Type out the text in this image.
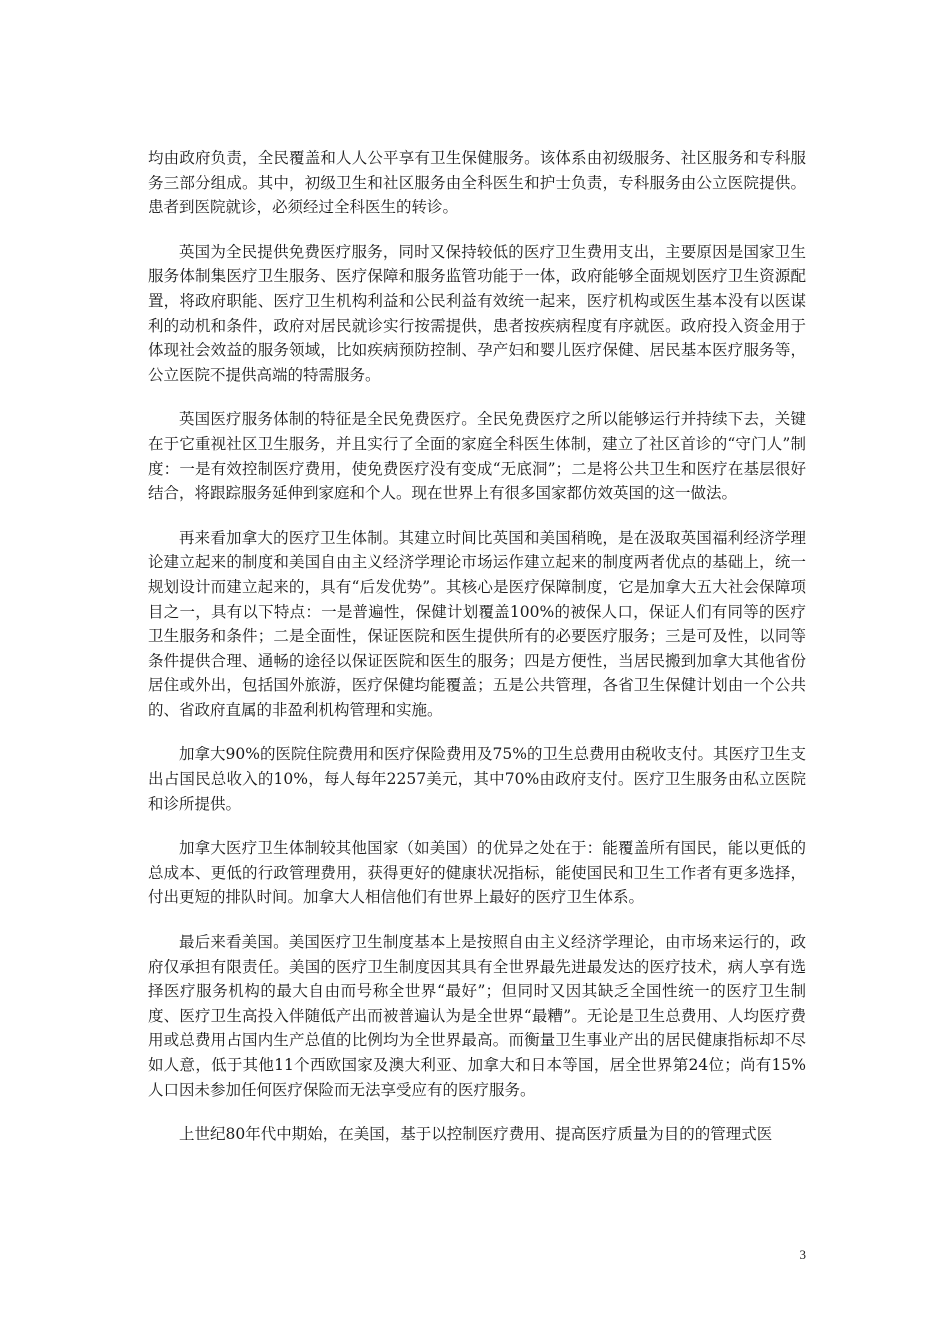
均由政府负责，全民覆盖和人人公平享有卫生保健服务。该体系由初级服务、社区服务和专科服务三部分组成。其中，初级卫生和社区服务由全科医生和护士负责，专科服务由公立医院提供。患者到医院就诊，必须经过全科医生的转诊。

英国为全民提供免费医疗服务，同时又保持较低的医疗卫生费用支出，主要原因是国家卫生服务体制集医疗卫生服务、医疗保障和服务监管功能于一体，政府能够全面规划医疗卫生资源配置，将政府职能、医疗卫生机构利益和公民利益有效统一起来，医疗机构或医生基本没有以医谋利的动机和条件，政府对居民就诊实行按需提供，患者按疾病程度有序就医。政府投入资金用于体现社会效益的服务领域，比如疾病预防控制、孕产妇和婴儿医疗保健、居民基本医疗服务等，公立医院不提供高端的特需服务。

英国医疗服务体制的特征是全民免费医疗。全民免费医疗之所以能够运行并持续下去，关键在于它重视社区卫生服务，并且实行了全面的家庭全科医生体制，建立了社区首诊的“守门人”制度：一是有效控制医疗费用，使免费医疗没有变成“无底洞”；二是将公共卫生和医疗在基层很好结合，将跟踪服务延伸到家庭和个人。现在世界上有很多国家都仿效英国的这一做法。

再来看加拿大的医疗卫生体制。其建立时间比英国和美国稍晚，是在汲取英国福利经济学理论建立起来的制度和美国自由主义经济学理论市场运作建立起来的制度两者优点的基础上，统一规划设计而建立起来的，具有“后发优势”。其核心是医疗保障制度，它是加拿大五大社会保障项目之一，具有以下特点：一是普遍性，保健计划覆盖100%的被保人口，保证人们有同等的医疗卫生服务和条件；二是全面性，保证医院和医生提供所有的必要医疗服务；三是可及性，以同等条件提供合理、通畅的途径以保证医院和医生的服务；四是方便性，当居民搬到加拿大其他省份居住或外出，包括国外旅游，医疗保健均能覆盖；五是公共管理，各省卫生保健计划由一个公共的、省政府直属的非盈利机构管理和实施。

加拿大90%的医院住院费用和医疗保险费用及75%的卫生总费用由税收支付。其医疗卫生支出占国民总收入的10%，每人每年2257美元，其中70%由政府支付。医疗卫生服务由私立医院和诊所提供。

加拿大医疗卫生体制较其他国家（如美国）的优异之处在于：能覆盖所有国民，能以更低的总成本、更低的行政管理费用，获得更好的健康状况指标，能使国民和卫生工作者有更多选择，付出更短的排队时间。加拿大人相信他们有世界上最好的医疗卫生体系。

最后来看美国。美国医疗卫生制度基本上是按照自由主义经济学理论，由市场来运行的，政府仅承担有限责任。美国的医疗卫生制度因其具有全世界最先进最发达的医疗技术，病人享有选择医疗服务机构的最大自由而号称全世界“最好”；但同时又因其缺乏全国性统一的医疗卫生制度、医疗卫生高投入伴随低产出而被普遍认为是全世界“最糟”。无论是卫生总费用、人均医疗费用或总费用占国内生产总值的比例均为全世界最高。而衡量卫生事业产出的居民健康指标却不尽如人意，低于其他11个西欧国家及澳大利亚、加拿大和日本等国，居全世界第24位；尚有15%人口因未参加任何医疗保险而无法享受应有的医疗服务。

上世纪80年代中期始，在美国，基于以控制医疗费用、提高医疗质量为目的的管理式医

3
